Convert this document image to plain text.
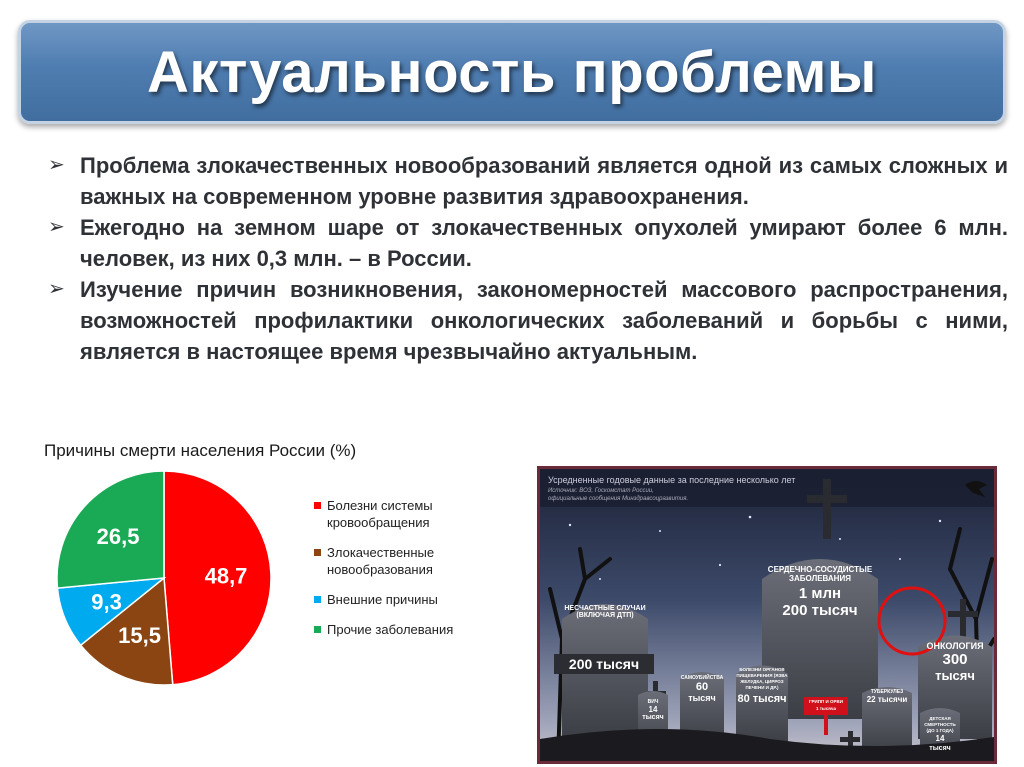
Актуальность проблемы
➢ Проблема злокачественных новообразований является одной из самых сложных и важных на современном уровне развития здравоохранения.
➢ Ежегодно на земном шаре от злокачественных опухолей умирают более 6 млн. человек, из них 0,3 млн. – в России.
➢ Изучение причин возникновения, закономерностей массового распространения, возможностей профилактики онкологических заболеваний и борьбы с ними, является в настоящее время чрезвычайно актуальным.
Причины смерти населения России (%)
48,7
15,5
9,3
26,5
Болезни системы кровообращения
Злокачественные новообразования
Внешние причины
Прочие заболевания
Усредненные годовые данные за последние несколько лет
Источник: ВОЗ, Госкомстат России,
официальные сообщения Минздравсоцразвития.
СЕРДЕЧНО-СОСУДИСТЫЕ
ЗАБОЛЕВАНИЯ
1 млн
200 тысяч
НЕСЧАСТНЫЕ СЛУЧАИ
(ВКЛЮЧАЯ ДТП)
200 тысяч
ОНКОЛОГИЯ
300
тысяч
САМОУБИЙСТВА
60
тысяч
БОЛЕЗНИ ОРГАНОВ
ПИЩЕВАРЕНИЯ (ЯЗВА
ЖЕЛУДКА, ЦИРРОЗ
ПЕЧЕНИ И ДР.)
80 тысяч
ВИЧ
14
тысяч
ТУБЕРКУЛЕЗ
22 тысячи
ГРИПП И ОРВИ
1 тысяча
ДЕТСКАЯ
СМЕРТНОСТЬ
(ДО 1 ГОДА)
14
тысяч
